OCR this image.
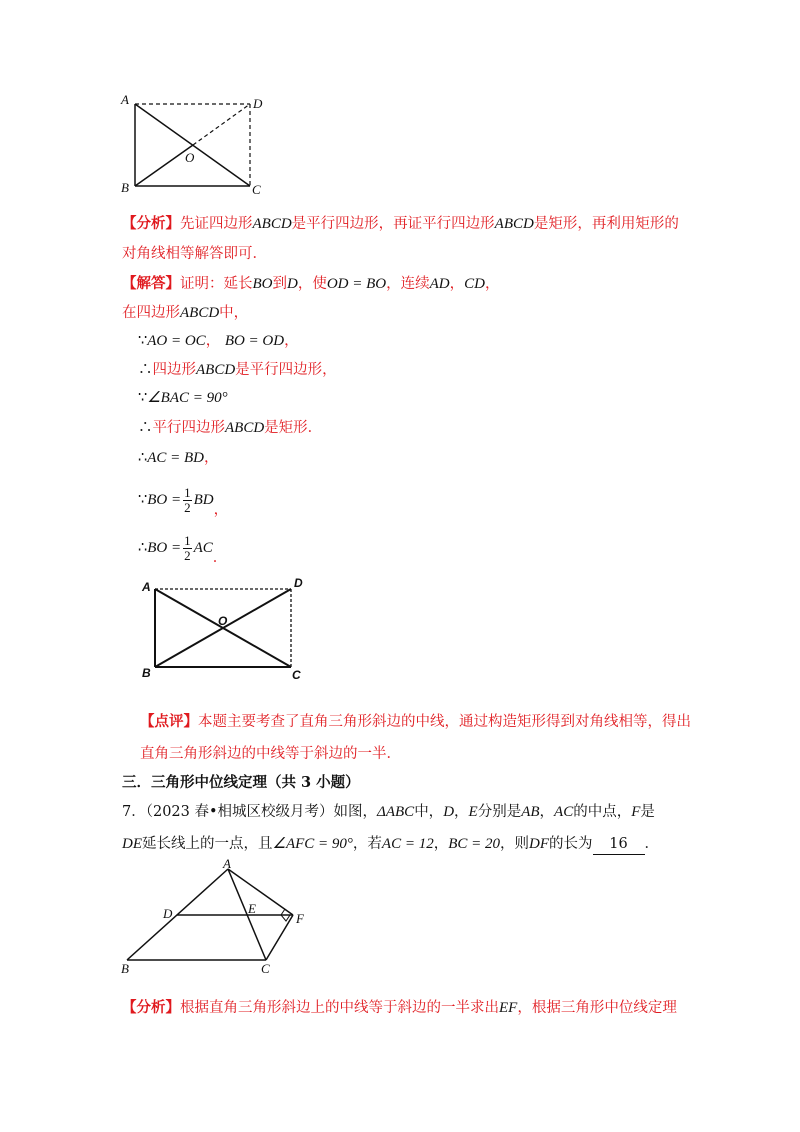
A	D
B	C
O
【分析】先证四边形ABCD是平行四边形，再证平行四边形ABCD是矩形，再利用矩形的
对角线相等解答即可．
【解答】证明：延长BO到D，使OD = BO，连续AD，CD，
在四边形ABCD中，
∵AO = OC， BO = OD，
∴四边形ABCD是平行四边形，
∵∠BAC = 90°
∴平行四边形ABCD是矩形．
∴AC = BD，
∵BO = $\frac{1}{2}$ BD，
∴BO = $\frac{1}{2}$ AC．
A	D
B	C
O
【点评】本题主要考查了直角三角形斜边的中线，通过构造矩形得到对角线相等，得出
直角三角形斜边的中线等于斜边的一半．
三．三角形中位线定理（共 3 小题）
7．（2023 春•相城区校级月考）如图，ΔABC中，D，E分别是AB，AC的中点，F是
DE延长线上的一点，且∠AFC = 90°，若AC = 12，BC = 20，则DF的长为 16 ．
A
D	E
F
B	C
【分析】根据直角三角形斜边上的中线等于斜边的一半求出EF，根据三角形中位线定理
